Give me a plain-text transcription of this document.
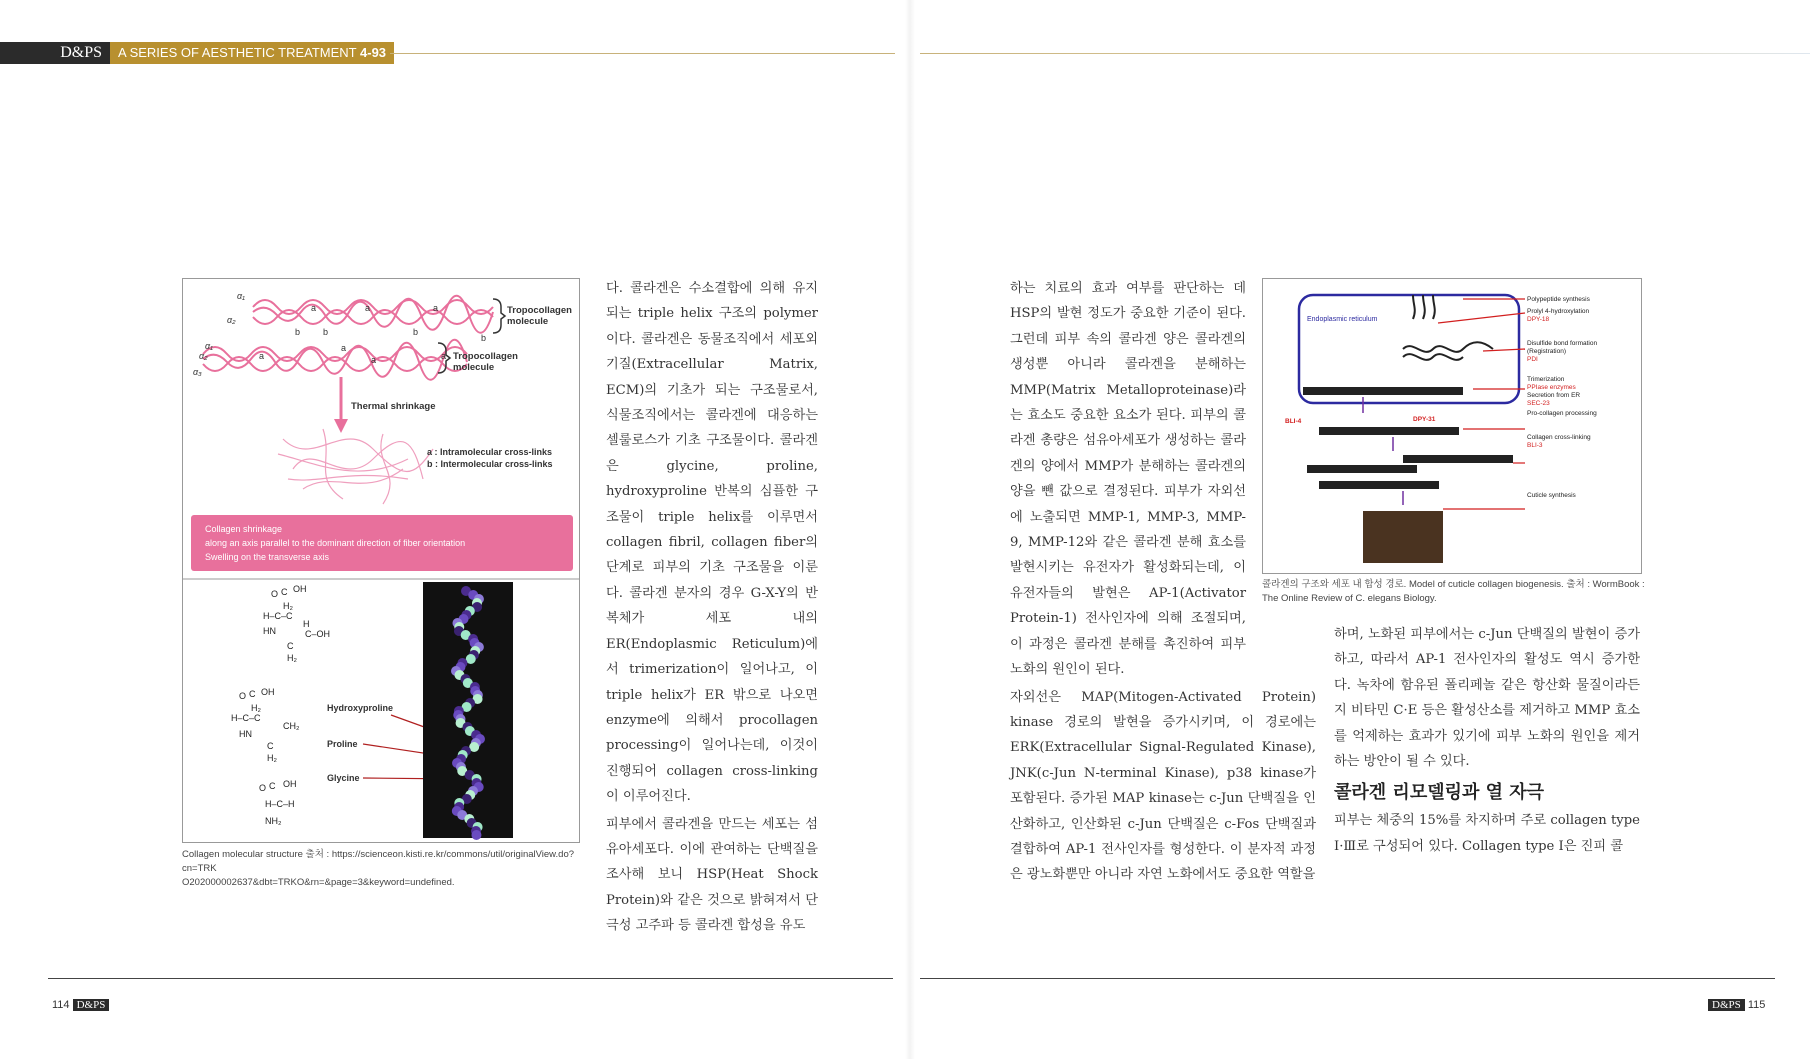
D&PS	A SERIES OF AESTHETIC TREATMENT 4-93
a	a	a
b	b	b
b
a
a
a	a
α₁
α₂
α₁
α₂
α₃
Tropocollagen
molecule
Tropocollagen
molecule
Thermal shrinkage
a : Intramolecular cross-links
b : Intermolecular cross-links
Collagen shrinkage
along an axis parallel to the dominant direction of fiber orientation
Swelling on the transverse axis
O C OH
H₂
H–C–C
H
HN	C–OH
C
H₂
O C OH
H₂
H–C–C
HN
CH₂
C
H₂
O C OH
H–C–H
NH₂
Hydroxyproline
Proline
Glycine
Collagen molecular structure 출처 : https://scienceon.kisti.re.kr/commons/util/originalView.do?cn=TRK
O202000002637&dbt=TRKO&rn=&page=3&keyword=undefined.

다. 콜라겐은 수소결합에 의해 유지되는 triple helix 구조의 polymer이다. 콜라겐은 동물조직에서 세포외기질(Extracellular Matrix, ECM)의 기초가 되는 구조물로서, 식물조직에서는 콜라겐에 대응하는 셀룰로스가 기초 구조물이다. 콜라겐은 glycine, proline, hydroxyproline 반복의 심플한 구조물이 triple helix를 이루면서 collagen fibril, collagen fiber의 단계로 피부의 기초 구조물을 이룬다. 콜라겐 분자의 경우 G-X-Y의 반복체가 세포 내의 ER(Endoplasmic Reticulum)에서 trimerization이 일어나고, 이 triple helix가 ER 밖으로 나오면 enzyme에 의해서 procollagen processing이 일어나는데, 이것이 진행되어 collagen cross-linking이 이루어진다.

피부에서 콜라겐을 만드는 세포는 섬유아세포다. 이에 관여하는 단백질을 조사해 보니 HSP(Heat Shock Protein)와 같은 것으로 밝혀져서 단극성 고주파 등 콜라겐 합성을 유도

하는 치료의 효과 여부를 판단하는 데 HSP의 발현 정도가 중요한 기준이 된다. 그런데 피부 속의 콜라겐 양은 콜라겐의 생성뿐 아니라 콜라겐을 분해하는 MMP(Matrix Metalloproteinase)라는 효소도 중요한 요소가 된다. 피부의 콜라겐 총량은 섬유아세포가 생성하는 콜라겐의 양에서 MMP가 분해하는 콜라겐의 양을 뺀 값으로 결정된다. 피부가 자외선에 노출되면 MMP-1, MMP-3, MMP-9, MMP-12와 같은 콜라겐 분해 효소를 발현시키는 유전자가 활성화되는데, 이 유전자들의 발현은 AP-1(Activator Protein-1) 전사인자에 의해 조절되며, 이 과정은 콜라겐 분해를 촉진하여 피부 노화의 원인이 된다.

자외선은 MAP(Mitogen-Activated Protein) kinase 경로의 발현을 증가시키며, 이 경로에는 ERK(Extracellular Signal-Regulated Kinase), JNK(c-Jun N-terminal Kinase), p38 kinase가 포함된다. 증가된 MAP kinase는 c-Jun 단백질을 인산화하고, 인산화된 c-Jun 단백질은 c-Fos 단백질과 결합하여 AP-1 전사인자를 형성한다. 이 분자적 과정은 광노화뿐만 아니라 자연 노화에서도 중요한 역할을

Endoplasmic reticulum
Polypeptide synthesis
Prolyl 4-hydroxylation
DPY-18
Disulfide bond formation
(Registration)
PDI
Trimerization
PPIase enzymes
Secretion from ER
SEC-23
Pro-collagen processing
Collagen cross-linking
BLI-3
Cuticle synthesis
BLI-4	DPY-31
콜라겐의 구조와 세포 내 합성 경로. Model of cuticle collagen biogenesis. 출처 : WormBook :
The Online Review of C. elegans Biology.

하며, 노화된 피부에서는 c-Jun 단백질의 발현이 증가하고, 따라서 AP-1 전사인자의 활성도 역시 증가한다. 녹차에 함유된 폴리페놀 같은 항산화 물질이라든지 비타민 C·E 등은 활성산소를 제거하고 MMP 효소를 억제하는 효과가 있기에 피부 노화의 원인을 제거하는 방안이 될 수 있다.

콜라겐 리모델링과 열 자극

피부는 체중의 15%를 차지하며 주로 collagen type Ⅰ·Ⅲ로 구성되어 있다. Collagen type Ⅰ은 진피 콜

114 D&PS	D&PS 115
